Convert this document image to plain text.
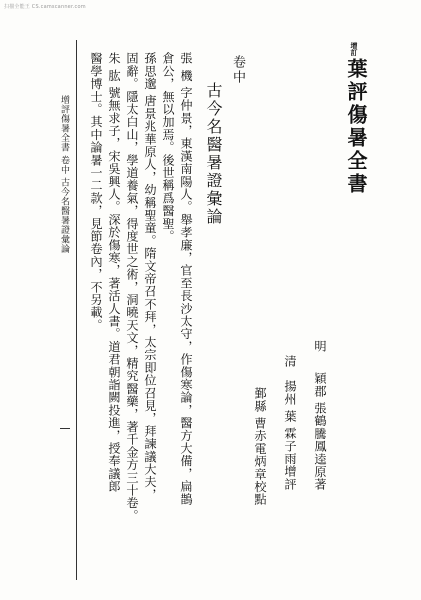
扫描全能王 CS.camscanner.com
增訂
葉評傷暑全書
明
穎郡 張鶴騰鳳逵原著
清
揚州 葉 霖子雨增評
鄞縣 曹赤電炳章校點
卷中
古今名醫暑證彙論
張 機 字仲景，東漢南陽人。舉孝廉，官至長沙太守，作傷寒論，醫方大備，扁鵲
倉公，無以加焉。後世稱爲醫聖。
孫思邈 唐景兆華原人，幼稱聖童。隋文帝召不拜，太宗即位召見，拜諫議大夫，
固辭。隱太白山，學道養氣，得度世之術，洞曉天文，精究醫藥，著千金方三十卷。
朱 肱 號無求子，宋吳興人。深於傷寒，著活人書。道君朝詣闕投進，授奉議郎
醫學博士。其中論暑一二款，見節卷內，不另載。
增評傷暑全書 卷中 古今名醫暑證彙論
